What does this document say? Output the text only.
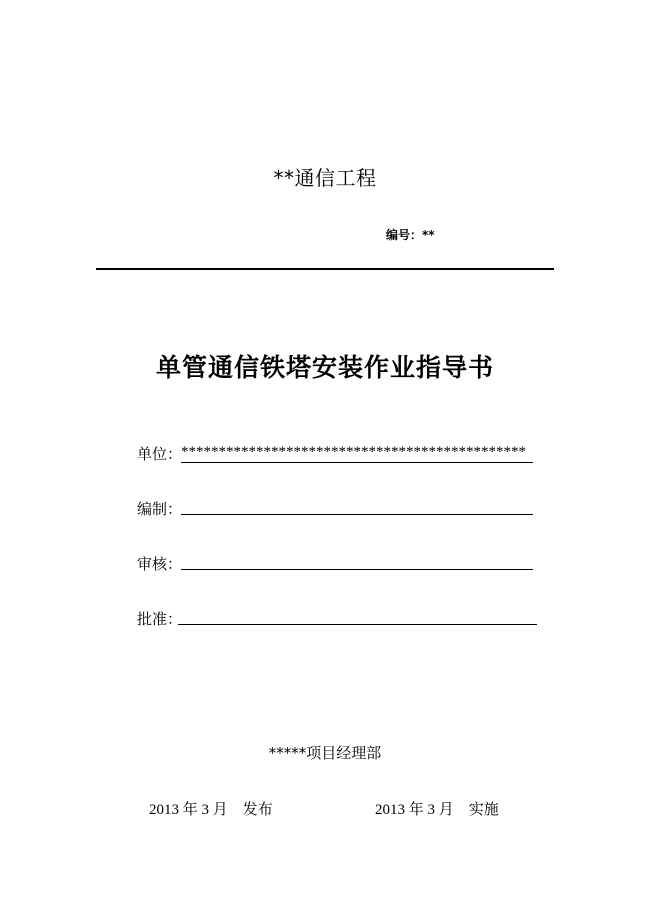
**通信工程
编号：**
单管通信铁塔安装作业指导书
单位：
**********************************************
编制：
审核：
批准：
*****项目经理部
2013 年 3 月    发布	2013 年 3 月    实施
